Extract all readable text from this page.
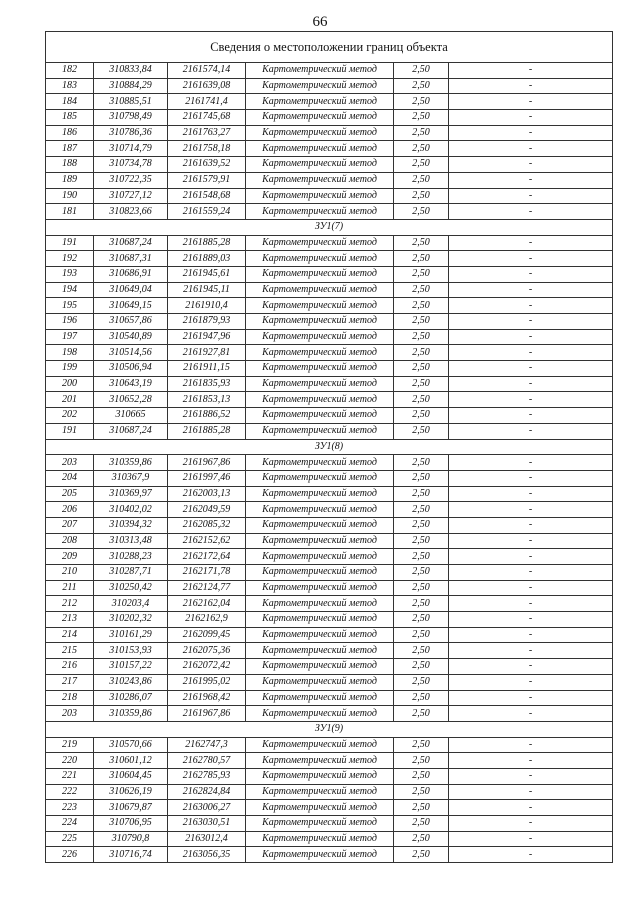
66
Сведения о местоположении границ объекта					
182	310833,84	2161574,14	Картометрический метод	2,50	-
183	310884,29	2161639,08	Картометрический метод	2,50	-
184	310885,51	2161741,4	Картометрический метод	2,50	-
185	310798,49	2161745,68	Картометрический метод	2,50	-
186	310786,36	2161763,27	Картометрический метод	2,50	-
187	310714,79	2161758,18	Картометрический метод	2,50	-
188	310734,78	2161639,52	Картометрический метод	2,50	-
189	310722,35	2161579,91	Картометрический метод	2,50	-
190	310727,12	2161548,68	Картометрический метод	2,50	-
181	310823,66	2161559,24	Картометрический метод	2,50	-
ЗУ1(7)					
191	310687,24	2161885,28	Картометрический метод	2,50	-
192	310687,31	2161889,03	Картометрический метод	2,50	-
193	310686,91	2161945,61	Картометрический метод	2,50	-
194	310649,04	2161945,11	Картометрический метод	2,50	-
195	310649,15	2161910,4	Картометрический метод	2,50	-
196	310657,86	2161879,93	Картометрический метод	2,50	-
197	310540,89	2161947,96	Картометрический метод	2,50	-
198	310514,56	2161927,81	Картометрический метод	2,50	-
199	310506,94	2161911,15	Картометрический метод	2,50	-
200	310643,19	2161835,93	Картометрический метод	2,50	-
201	310652,28	2161853,13	Картометрический метод	2,50	-
202	310665	2161886,52	Картометрический метод	2,50	-
191	310687,24	2161885,28	Картометрический метод	2,50	-
ЗУ1(8)					
203	310359,86	2161967,86	Картометрический метод	2,50	-
204	310367,9	2161997,46	Картометрический метод	2,50	-
205	310369,97	2162003,13	Картометрический метод	2,50	-
206	310402,02	2162049,59	Картометрический метод	2,50	-
207	310394,32	2162085,32	Картометрический метод	2,50	-
208	310313,48	2162152,62	Картометрический метод	2,50	-
209	310288,23	2162172,64	Картометрический метод	2,50	-
210	310287,71	2162171,78	Картометрический метод	2,50	-
211	310250,42	2162124,77	Картометрический метод	2,50	-
212	310203,4	2162162,04	Картометрический метод	2,50	-
213	310202,32	2162162,9	Картометрический метод	2,50	-
214	310161,29	2162099,45	Картометрический метод	2,50	-
215	310153,93	2162075,36	Картометрический метод	2,50	-
216	310157,22	2162072,42	Картометрический метод	2,50	-
217	310243,86	2161995,02	Картометрический метод	2,50	-
218	310286,07	2161968,42	Картометрический метод	2,50	-
203	310359,86	2161967,86	Картометрический метод	2,50	-
ЗУ1(9)					
219	310570,66	2162747,3	Картометрический метод	2,50	-
220	310601,12	2162780,57	Картометрический метод	2,50	-
221	310604,45	2162785,93	Картометрический метод	2,50	-
222	310626,19	2162824,84	Картометрический метод	2,50	-
223	310679,87	2163006,27	Картометрический метод	2,50	-
224	310706,95	2163030,51	Картометрический метод	2,50	-
225	310790,8	2163012,4	Картометрический метод	2,50	-
226	310716,74	2163056,35	Картометрический метод	2,50	-
